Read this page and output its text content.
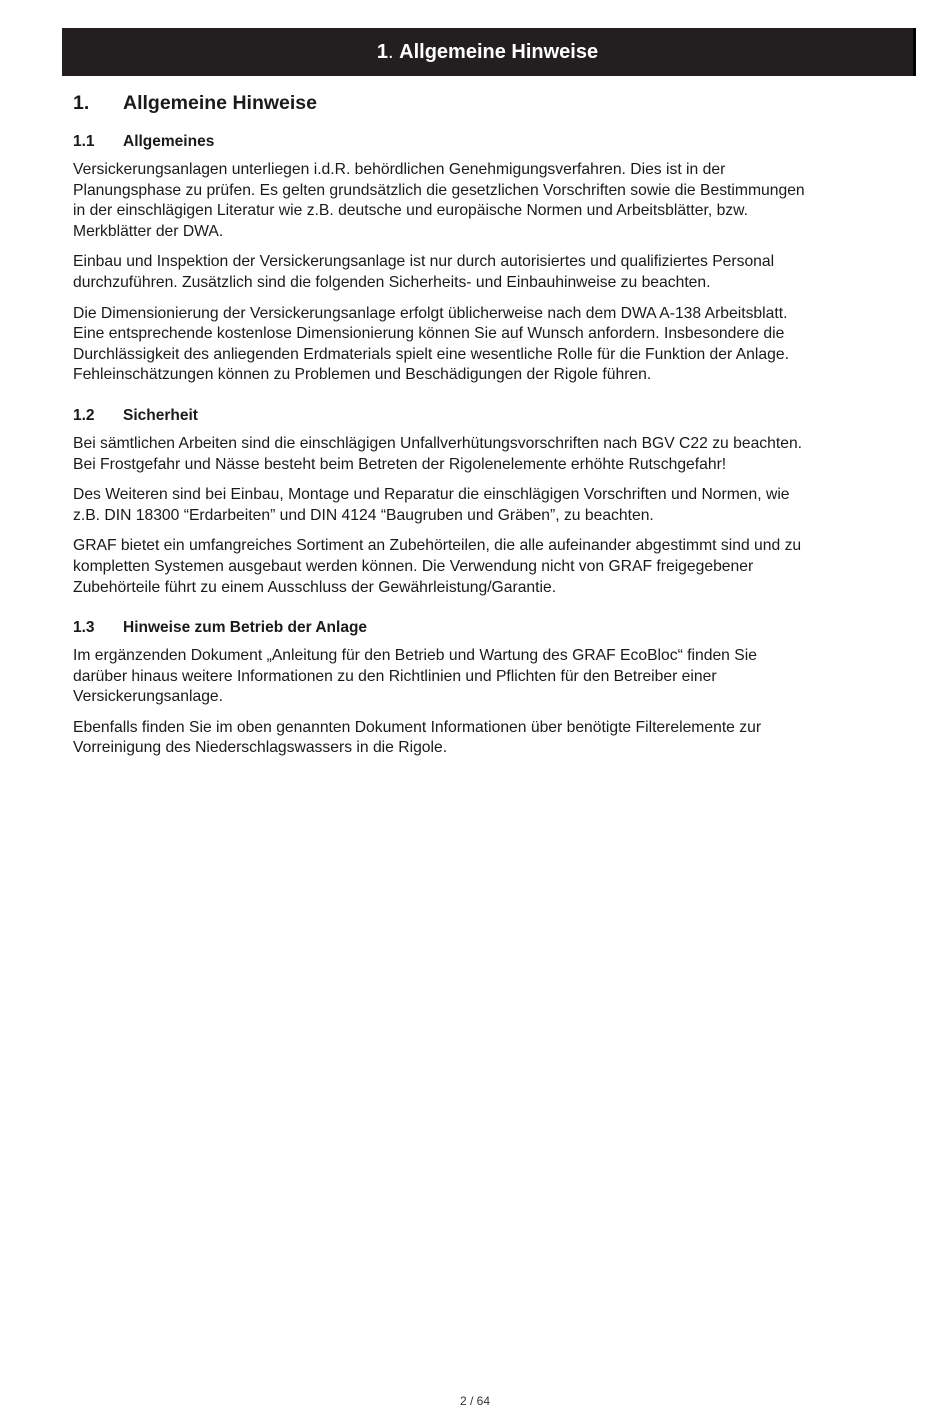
1 .
Allgemeine Hinweise
1.	Allgemeine Hinweise
1.1	Allgemeines

Versickerungsanlagen unterliegen i.d.R. behördlichen Genehmigungsverfahren. Dies ist in der
Planungsphase zu prüfen. Es gelten grundsätzlich die gesetzlichen Vorschriften sowie die Bestimmungen
in der einschlägigen Literatur wie z.B. deutsche und europäische Normen und Arbeitsblätter, bzw.
Merkblätter der DWA.

Einbau und Inspektion der Versickerungsanlage ist nur durch autorisiertes und qualifiziertes Personal
durchzuführen. Zusätzlich sind die folgenden Sicherheits- und Einbauhinweise zu beachten.

Die Dimensionierung der Versickerungsanlage erfolgt üblicherweise nach dem DWA A-138 Arbeitsblatt.
Eine entsprechende kostenlose Dimensionierung können Sie auf Wunsch anfordern. Insbesondere die
Durchlässigkeit des anliegenden Erdmaterials spielt eine wesentliche Rolle für die Funktion der Anlage.
Fehleinschätzungen können zu Problemen und Beschädigungen der Rigole führen.

1.2	Sicherheit

Bei sämtlichen Arbeiten sind die einschlägigen Unfallverhütungsvorschriften nach BGV C22 zu beachten.
Bei Frostgefahr und Nässe besteht beim Betreten der Rigolenelemente erhöhte Rutschgefahr!

Des Weiteren sind bei Einbau, Montage und Reparatur die einschlägigen Vorschriften und Normen, wie
z.B. DIN 18300 “Erdarbeiten” und DIN 4124 “Baugruben und Gräben”, zu beachten.

GRAF bietet ein umfangreiches Sortiment an Zubehörteilen, die alle aufeinander abgestimmt sind und zu
kompletten Systemen ausgebaut werden können. Die Verwendung nicht von GRAF freigegebener
Zubehörteile führt zu einem Ausschluss der Gewährleistung/Garantie.

1.3	Hinweise zum Betrieb der Anlage

Im ergänzenden Dokument „Anleitung für den Betrieb und Wartung des GRAF EcoBloc“ finden Sie
darüber hinaus weitere Informationen zu den Richtlinien und Pflichten für den Betreiber einer
Versickerungsanlage.

Ebenfalls finden Sie im oben genannten Dokument Informationen über benötigte Filterelemente zur
Vorreinigung des Niederschlagswassers in die Rigole.

2 / 64
